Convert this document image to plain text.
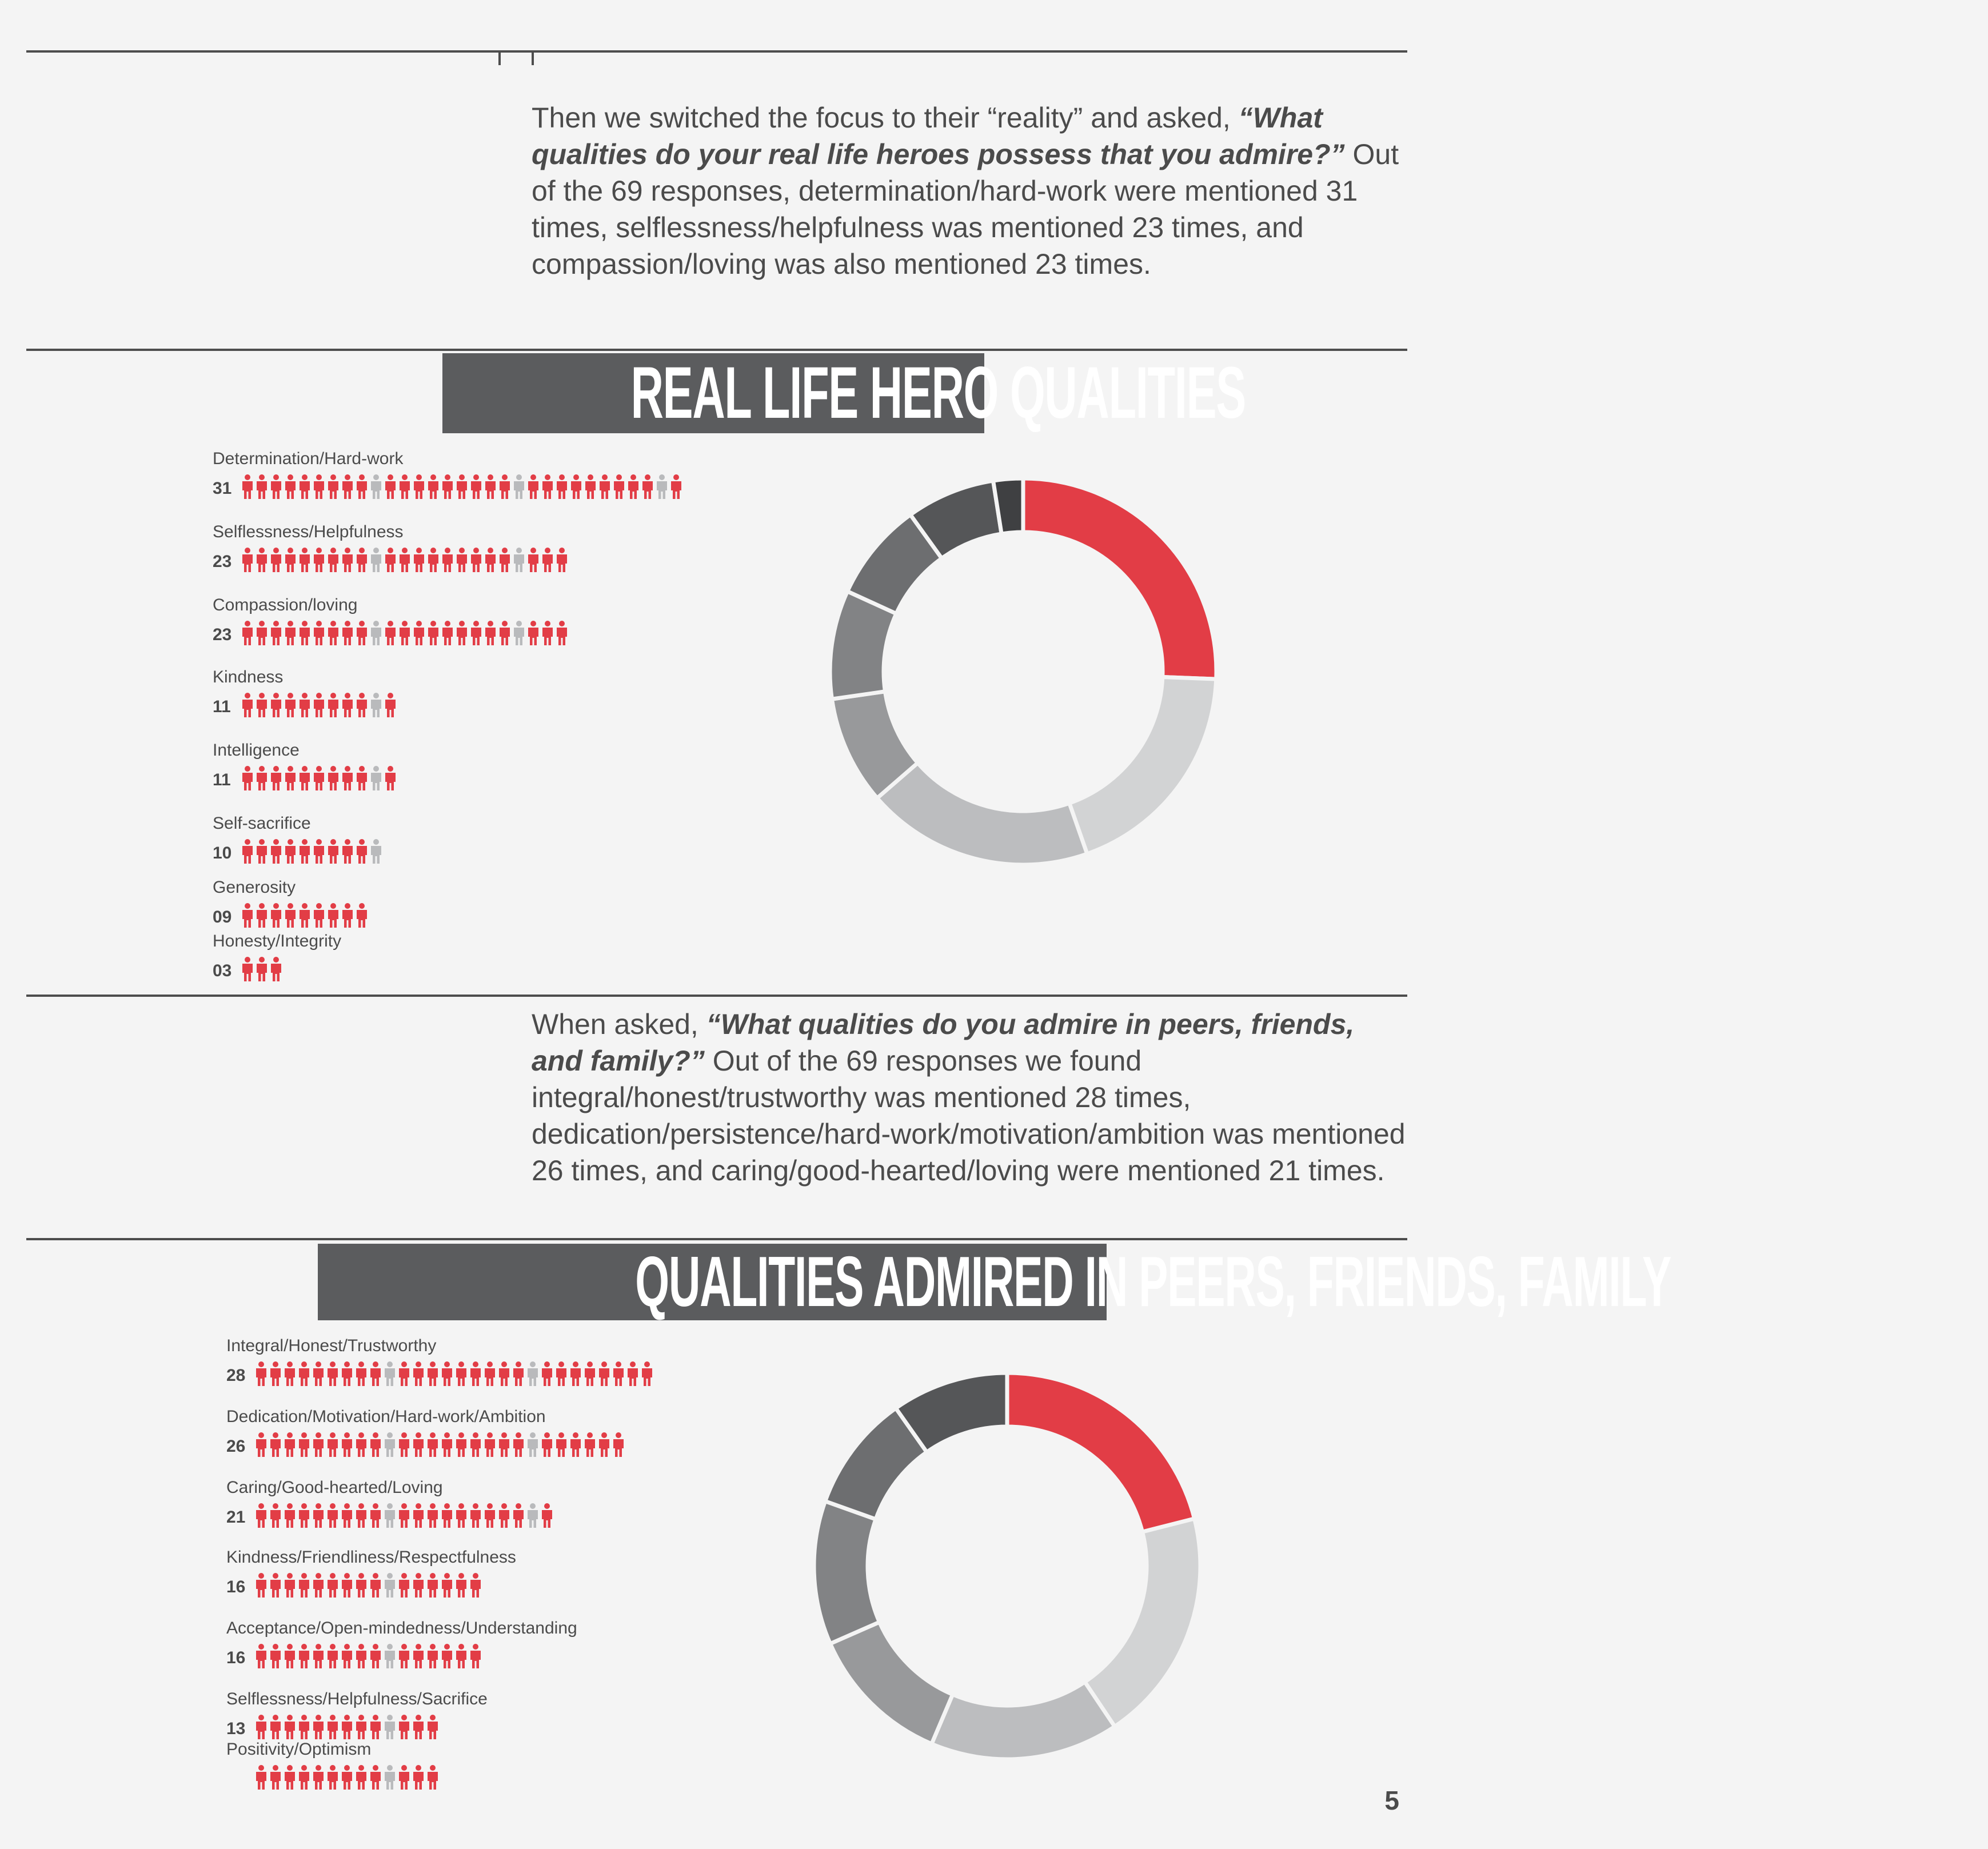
Then we switched the focus to their “reality” and asked, “What qualities do your real life heroes possess that you admire?” Out of the 69 responses, determination/hard-work were mentioned 31 times, selflessness/helpfulness was mentioned 23 times, and compassion/loving was also mentioned 23 times.
REAL LIFE HERO QUALITIES
When asked, “What qualities do you admire in peers, friends, and family?” Out of the 69 responses we found integral/honest/trustworthy was mentioned 28 times, dedication/persistence/hard-work/motivation/ambition was mentioned 26 times, and caring/good-hearted/loving were mentioned 21 times.
QUALITIES ADMIRED IN PEERS, FRIENDS, FAMILY
Determination/Hard-work
31
Selflessness/Helpfulness
23
Compassion/loving
23
Kindness
11
Intelligence
11
Self-sacrifice
10
Generosity
09
Honesty/Integrity
03
Integral/Honest/Trustworthy
28
Dedication/Motivation/Hard-work/Ambition
26
Caring/Good-hearted/Loving
21
Kindness/Friendliness/Respectfulness
16
Acceptance/Open-mindedness/Understanding
16
Selflessness/Helpfulness/Sacrifice
13
Positivity/Optimism
5
